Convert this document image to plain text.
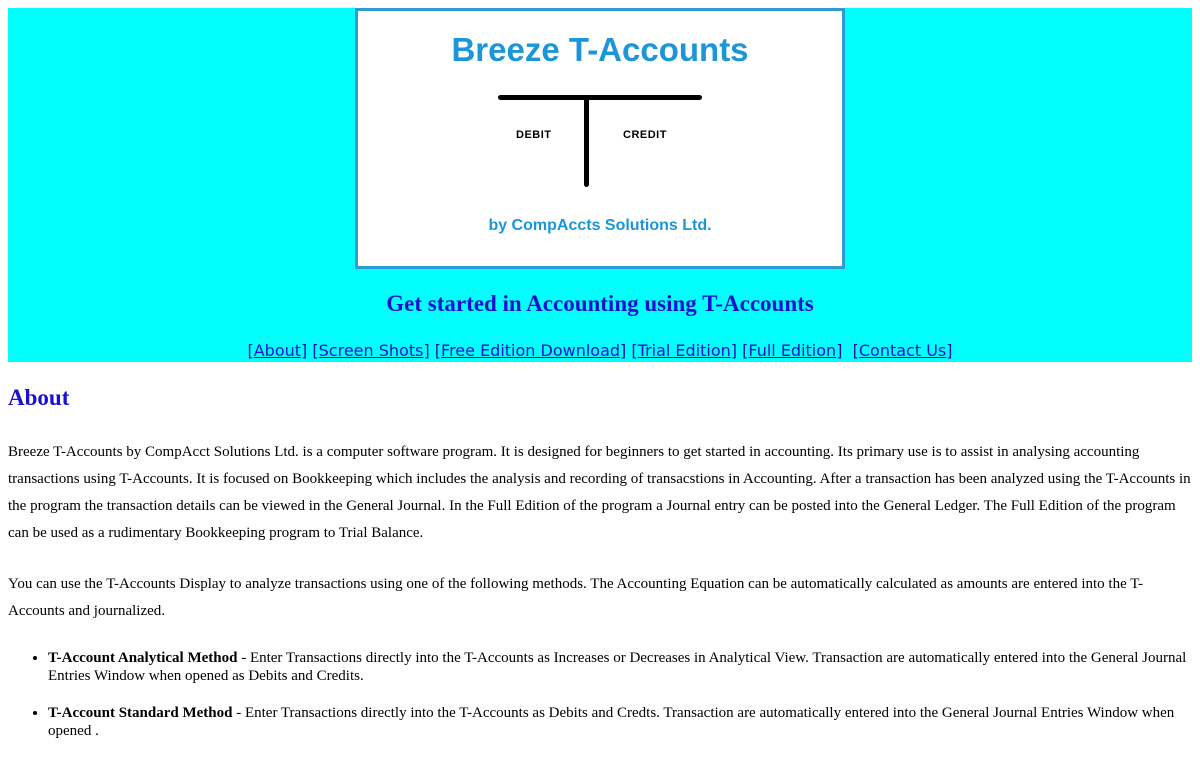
Breeze T-Accounts
DEBIT	CREDIT
by CompAccts Solutions Ltd.
Get started in Accounting using T-Accounts
[About] [Screen Shots] [Free Edition Download] [Trial Edition] [Full Edition] [Contact Us]
About
Breeze T-Accounts by CompAcct Solutions Ltd. is a computer software program. It is designed for beginners to get started in accounting. Its primary use is to assist in analysing accounting transactions using T-Accounts. It is focused on Bookkeeping which includes the analysis and recording of transacstions in Accounting. After a transaction has been analyzed using the T-Accounts in the program the transaction details can be viewed in the General Journal. In the Full Edition of the program a Journal entry can be posted into the General Ledger. The Full Edition of the program can be used as a rudimentary Bookkeeping program to Trial Balance.
You can use the T-Accounts Display to analyze transactions using one of the following methods. The Accounting Equation can be automatically calculated as amounts are entered into the T-Accounts and journalized.
• T-Account Analytical Method - Enter Transactions directly into the T-Accounts as Increases or Decreases in Analytical View. Transaction are automatically entered into the General Journal Entries Window when opened as Debits and Credits.
• T-Account Standard Method - Enter Transactions directly into the T-Accounts as Debits and Credts. Transaction are automatically entered into the General Journal Entries Window when opened .
